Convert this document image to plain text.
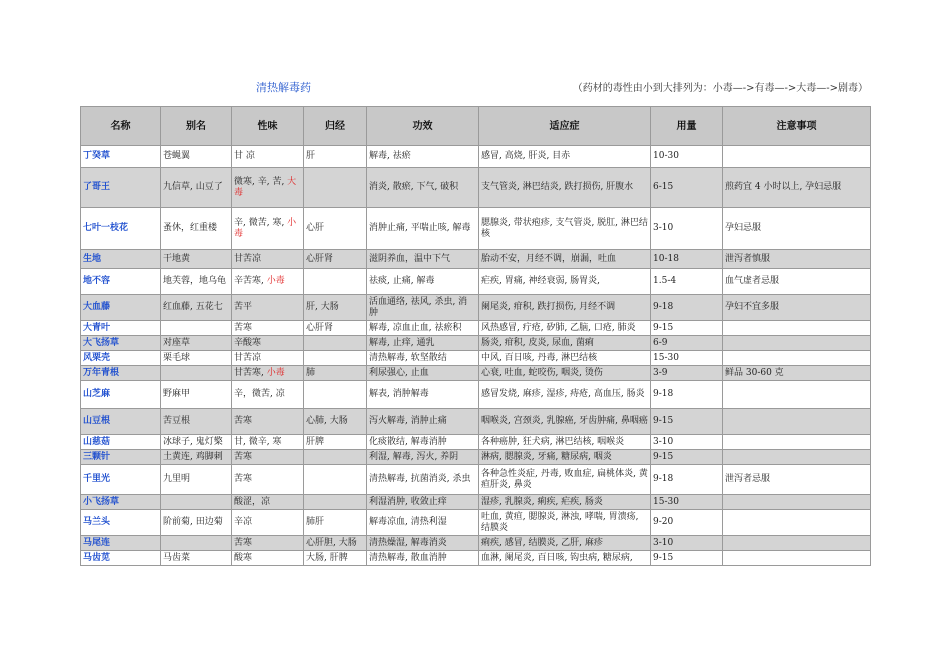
清热解毒药	（药材的毒性由小到大排列为：小毒—->有毒—->大毒—->剧毒）
名称	别名	性味	归经	功效	适应症	用量	注意事项
丁癸草	苍蝇翼	甘 凉	肝	解毒, 祛瘀	感冒, 高烧, 肝炎, 目赤	10-30	
了哥王	九信草, 山豆了	微寒, 辛, 苦, 大毒		消炎, 散瘀, 下气, 破积	支气管炎, 淋巴结炎, 跌打损伤, 肝腹水	6-15	煎药宜 4 小时以上, 孕妇忌服
七叶一枝花	蚤休，红重楼	辛, 微苦, 寒, 小毒	心肝	消肿止痛, 平喘止咳, 解毒	腮腺炎, 带状疱疹, 支气管炎, 脱肛, 淋巴结核	3-10	孕妇忌服
生地	干地黄	甘苦凉	心肝肾	滋阴养血，温中下气	胎动不安，月经不调，崩漏，吐血	10-18	泄泻者慎服
地不容	地芙蓉，地乌龟	辛苦寒, 小毒		祛痰, 止痛, 解毒	疟疾, 胃痛, 神经衰弱, 肠胃炎,	1.5-4	血气虚者忌服
大血藤	红血藤, 五花七	苦平	肝, 大肠	活血通络, 祛风, 杀虫, 消肿	阑尾炎, 疳积, 跌打损伤, 月经不调	9-18	孕妇不宜多服
大青叶		苦寒	心肝肾	解毒, 凉血止血, 祛瘀积	风热感冒, 疔疮, 矽肺, 乙脑, 口疮, 肺炎	9-15	
大飞扬草	对座草	辛酸寒		解毒, 止痒, 通乳	肠炎, 疳积, 皮炎, 尿血, 菌痢	6-9	
风栗壳	栗毛球	甘苦凉		清热解毒, 软坚散结	中风, 百日咳, 丹毒, 淋巴结核	15-30	
万年青根		甘苦寒, 小毒	肺	利尿强心, 止血	心衰, 吐血, 蛇咬伤, 咽炎, 烫伤	3-9	鲜品 30-60 克
山芝麻	野麻甲	辛，微苦, 凉		解表, 消肿解毒	感冒发烧, 麻疹, 湿疹, 痔疮, 高血压, 肠炎	9-18	
山豆根	苦豆根	苦寒	心肺, 大肠	泻火解毒, 消肿止痛	咽喉炎, 宫颈炎, 乳腺癌, 牙齿肿痛, 鼻咽癌	9-15	
山慈菇	冰球子, 鬼灯檠	甘, 微辛, 寒	肝脾	化痰散结, 解毒消肿	各种癌肿, 狂犬病, 淋巴结核, 咽喉炎	3-10	
三颗针	土黄连, 鸡脚刺	苦寒		利湿, 解毒, 泻火, 养阴	淋病, 腮腺炎, 牙痛, 糖尿病, 咽炎	9-15	
千里光	九里明	苦寒		清热解毒, 抗菌消炎, 杀虫	各种急性炎症, 丹毒, 败血症, 扁桃体炎, 黄疸肝炎, 鼻炎	9-18	泄泻者忌服
小飞扬草		酸涩，凉		利湿消肿, 收敛止痒	湿疹, 乳腺炎, 痢疾, 疟疾, 肠炎	15-30	
马兰头	阶前菊, 田边菊	辛凉	肺肝	解毒凉血, 清热利湿	吐血, 黄疸, 腮腺炎, 淋浊, 哮喘, 胃溃疡, 结膜炎	9-20	
马尾连		苦寒	心肝胆, 大肠	清热燥湿, 解毒消炎	痢疾, 感冒, 结膜炎, 乙肝, 麻疹	3-10	
马齿苋	马齿菜	酸寒	大肠, 肝脾	清热解毒, 散血消肿	血淋, 阑尾炎, 百日咳, 钩虫病, 糖尿病,	9-15	
